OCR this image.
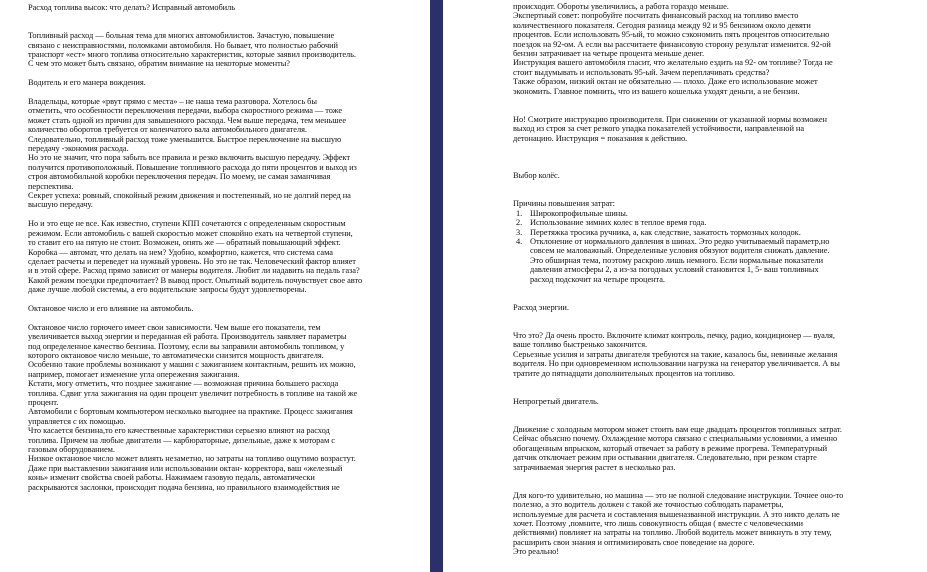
Расход топлива высок: что делать? Исправный автомобиль

Топливный расход — больная тема для многих автомобилистов. Зачастую, повышение

связано с неисправностями, поломками автомобиля. Но бывает, что полностью рабочий

транспорт «ест» много топлива относительно характеристик, которые заявил производитель.

С чем это может быть связано, обратим внимание на некоторые моменты?

Водитель и его манера вождения.

Владельцы, которые «рвут прямо с места» – не наша тема разговора. Хотелось бы

отметить, что особенности переключения передачи, выбора скоростного режима — тоже

может стать одной из причин для завышенного расхода. Чем выше передача, тем меньшее

количество оборотов требуется от коленчатого вала автомобильного двигателя.

Следовательно, топливный расход тоже уменьшится. Быстрое переключение на высшую

передачу -экономия расхода.

Но это не значит, что пора забыть все правила и резко включить высшую передачу. Эффект

получится противоположный. Повышение топливного расхода до пяти процентов и выход из

строя автомобильной коробки переключения передач. По моему, не самая заманчивая

перспектива.

Секрет успеха: ровный, спокойный режим движения и постепенный, но не долгий перед на

высшую передачу.

Но и это еще не все. Как известно, ступени КПП сочетаются с определенным скоростным

режимом. Если автомобиль с вашей скоростью может спокойно ехать на четвертой ступени,

то ставит его на пятую не стоит. Возможен, опять же — обратный повышающий эффект.

Коробка — автомат, что делать на нем? Удобно, комфортно, кажется, что система сама

сделает расчеты и переведет на нужный уровень. Но это не так. Человеческий фактор влияет

и в этой сфере. Расход прямо зависит от манеры водителя. Любит ли надавить на педаль газа?

Какой режим поездки предпочитает? В вывод прост. Опытный водитель почувствует свое авто

даже лучше любой системы, а его водительские запросы будут удовлетворены.

Октановое число и его влияние на автомобиль.

Октановое число горючего имеет свои зависимости. Чем выше его показатели, тем

увеличивается выход энергии и переданная ей работа. Производитель заявляет параметры

под определенное качество бензина. Поэтому, если вы заправили автомобиль топливом, у

которого октановое число меньше, то автоматически снизится мощность двигателя.

Особенно такие проблемы возникают у машин с зажиганием контактным, решить их можно,

например, помогает изменение угла опережения зажигания.

Кстати, могу отметить, что позднее зажигание — возможная причина большего расхода

топлива. Сдвиг угла зажигания на один процент увеличит потребность в топливе на такой же

процент.

Автомобили с бортовым компьютером несколько выгоднее на практике. Процесс зажигания

управляется с их помощью.

Что касается бензина,то его качественные характеристики серьезно влияют на расход

топлива. Причем на любые двигатели — карбюраторные, дизельные, даже к моторам с

газовым оборудованием.

Низкое октановое число может влиять незаметно, но затраты на топливо ощутимо возрастут.

Даже при выставлении зажигания или использовании октан- корректора, ваш «железный

конь» изменит свойства своей работы. Нажимаем газовую педаль, автоматически

раскрываются заслонки, происходит подача бензина, но правильного взаимодействия не

происходит. Обороты увеличились, а работа гораздо меньше.

Экспертный совет: попробуйте посчитать финансовый расход на топливо вместо

количественного показателя. Сегодня разница между 92 и 95 бензином около девяти

процентов. Если использовать 95-ый, то можно сэкономить пять процентов относительно

поездок на 92-ом. А если вы рассчитаете финансовую сторону результат изменится. 92-ой

бензин затрачивает на четыре процента меньше денег.

Инструкция вашего автомобиля гласит, что желательно ездить на 92- ом топливе? Тогда не

стоит выдумывать и использовать 95-ый. Зачем переплачивать средства?

Также образом, низкий октан не обязательно — плохо. Даже его использование может

экономить. Главное помнить, что из вашего кошелька уходят деньги, а не бензин.

Но! Смотрите инструкцию производителя. При снижении от указанной нормы возможен

выход из строя за счет резкого упадка показателей устойчивости, направленной на

детонацию. Инструкция = показания к действию.

Выбор колёс.

Причины повышения затрат:

1. Широкопрофильные шины.

2. Использование зимних колес в теплое время года.

3. Перетяжка тросика ручника, а, как следствие, зажатость тормозных колодок.

4. Отклонение от нормального давления в шинах. Это редко учитываемый параметр,но

совсем не маловажный. Определенные условия обязуют водителя снижать давление.

Это обширная тема, поэтому раскрою лишь немного. Если нормальные показатели

давления атмосферы 2, а из-за погодных условий становится 1, 5- ваш топливных

расход подскочит на четыре процента.

Расход энергии.

Что это? Да очень просто. Включите климат контроль, печку, радио, кондиционер — вуаля,

ваше топливо быстренько закончится.

Серьезные усилия и затраты двигателя требуются на такие, казалось бы, невинные желания

водителя. Но при одновременном использовании нагрузка на генератор увеличивается. А вы

тратите до пятнадцати дополнительных процентов на топливо.

Непрогретый двигатель.

Движение с холодным мотором может стоить вам еще двадцать процентов топливных затрат.

Сейчас объясню почему. Охлаждение мотора связано с специальными условиями, а именно

обогащенным впрыском, который отвечает за работу в режиме прогрева. Температурный

датчик отключает режим при остывании двигателя. Следовательно, при резком старте

затрачиваемая энергия растет в несколько раз.

Для кого-то удивительно, но машина — это не полной следование инструкции. Точнее оно-то

полезно, а это водитель должен с такой же точностью соблюдать параметры,

используемые для расчета и составления вышеназванной инструкции. А это никто делать не

хочет. Поэтому ,помните, что лишь совокупность общая ( вместе с человеческими

действиями) повлияет на затраты на топливо. Любой водитель может вникнуть в эту тему,

расширить свои знания и оптимизировать свое поведение на дороге.

Это реально!
